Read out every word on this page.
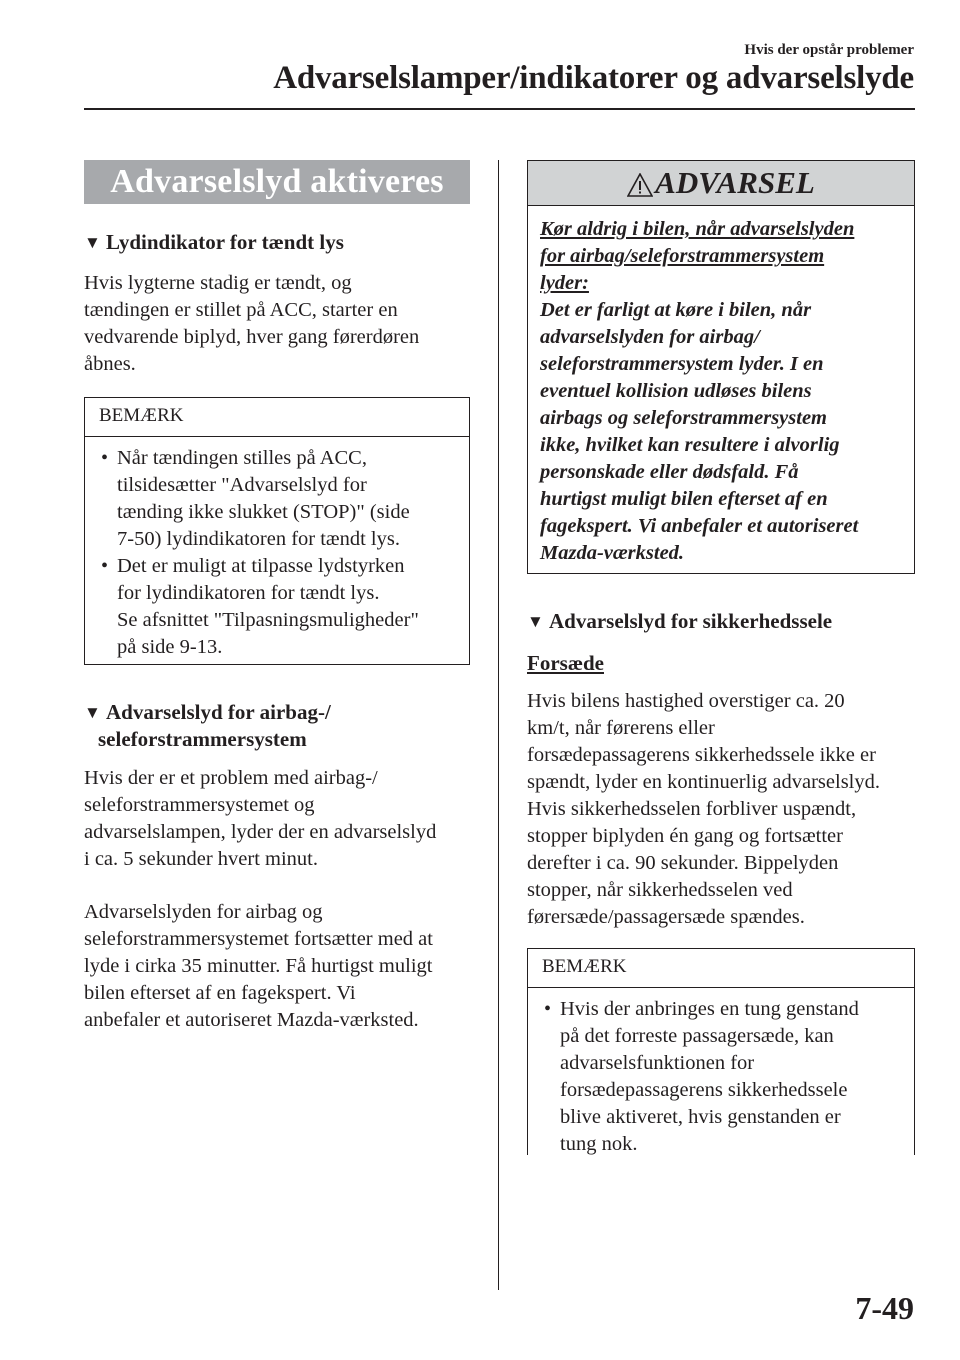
Hvis der opstår problemer
Advarselslamper/indikatorer og advarselslyde
Advarselslyd aktiveres
▼ Lydindikator for tændt lys
Hvis lygterne stadig er tændt, og
tændingen er stillet på ACC, starter en
vedvarende biplyd, hver gang førerdøren
åbnes.
BEMÆRK
• Når tændingen stilles på ACC,
tilsidesætter "Advarselslyd for
tænding ikke slukket (STOP)" (side
7-50) lydindikatoren for tændt lys.
• Det er muligt at tilpasse lydstyrken
for lydindikatoren for tændt lys.
Se afsnittet "Tilpasningsmuligheder"
på side 9-13.
▼ Advarselslyd for airbag-/
seleforstrammersystem
Hvis der er et problem med airbag-/
seleforstrammersystemet og
advarselslampen, lyder der en advarselslyd
i ca. 5 sekunder hvert minut.
Advarselslyden for airbag og
seleforstrammersystemet fortsætter med at
lyde i cirka 35 minutter. Få hurtigst muligt
bilen efterset af en fagekspert. Vi
anbefaler et autoriseret Mazda-værksted.
ADVARSEL
Kør aldrig i bilen, når advarselslyden
for airbag/seleforstrammersystem
lyder:
Det er farligt at køre i bilen, når
advarselslyden for airbag/
seleforstrammersystem lyder. I en
eventuel kollision udløses bilens
airbags og seleforstrammersystem
ikke, hvilket kan resultere i alvorlig
personskade eller dødsfald. Få
hurtigst muligt bilen efterset af en
fagekspert. Vi anbefaler et autoriseret
Mazda-værksted.
▼ Advarselslyd for sikkerhedssele
Forsæde
Hvis bilens hastighed overstiger ca. 20
km/t, når førerens eller
forsædepassagerens sikkerhedssele ikke er
spændt, lyder en kontinuerlig advarselslyd.
Hvis sikkerhedsselen forbliver uspændt,
stopper biplyden én gang og fortsætter
derefter i ca. 90 sekunder. Bippelyden
stopper, når sikkerhedsselen ved
førersæde/passagersæde spændes.
BEMÆRK
• Hvis der anbringes en tung genstand
på det forreste passagersæde, kan
advarselsfunktionen for
forsædepassagerens sikkerhedssele
blive aktiveret, hvis genstanden er
tung nok.
7-49
